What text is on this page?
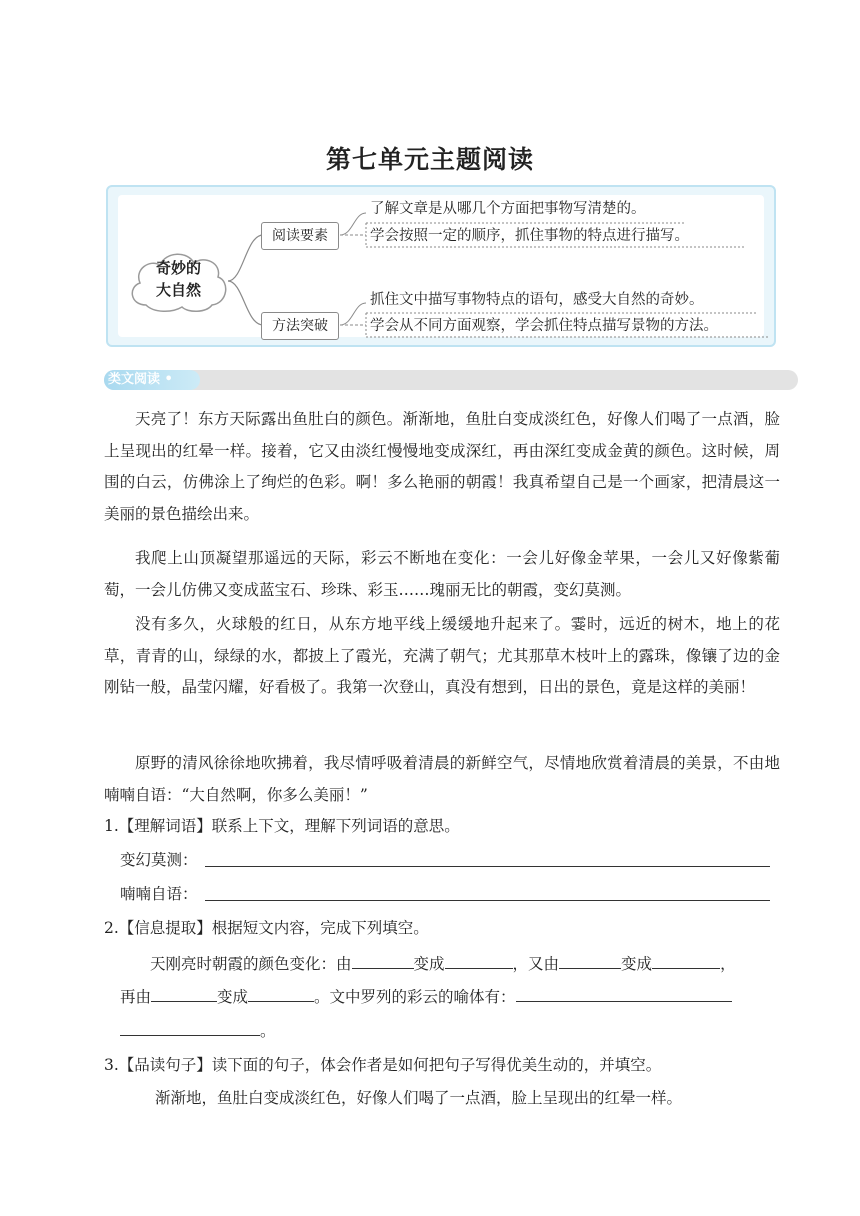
第七单元主题阅读
奇妙的
大自然
阅读要素
方法突破
了解文章是从哪几个方面把事物写清楚的。
学会按照一定的顺序，抓住事物的特点进行描写。
抓住文中描写事物特点的语句，感受大自然的奇妙。
学会从不同方面观察，学会抓住特点描写景物的方法。
类文阅读 •

天亮了！东方天际露出鱼肚白的颜色。渐渐地，鱼肚白变成淡红色，好像人们喝了一点酒，脸上呈现出的红晕一样。接着，它又由淡红慢慢地变成深红，再由深红变成金黄的颜色。这时候，周围的白云，仿佛涂上了绚烂的色彩。啊！多么艳丽的朝霞！我真希望自己是一个画家，把清晨这一美丽的景色描绘出来。

我爬上山顶凝望那遥远的天际，彩云不断地在变化：一会儿好像金苹果，一会儿又好像紫葡萄，一会儿仿佛又变成蓝宝石、珍珠、彩玉……瑰丽无比的朝霞，变幻莫测。

没有多久，火球般的红日，从东方地平线上缓缓地升起来了。霎时，远近的树木，地上的花草，青青的山，绿绿的水，都披上了霞光，充满了朝气；尤其那草木枝叶上的露珠，像镶了边的金刚钻一般，晶莹闪耀，好看极了。我第一次登山，真没有想到，日出的景色，竟是这样的美丽！

原野的清风徐徐地吹拂着，我尽情呼吸着清晨的新鲜空气，尽情地欣赏着清晨的美景，不由地喃喃自语：“大自然啊，你多么美丽！”

1.【理解词语】联系上下文，理解下列词语的意思。

变幻莫测：

喃喃自语：

2.【信息提取】根据短文内容，完成下列填空。

天刚亮时朝霞的颜色变化：由	变成	，又由	变成	，

再由	变成	。文中罗列的彩云的喻体有：

。

3.【品读句子】读下面的句子，体会作者是如何把句子写得优美生动的，并填空。

渐渐地，鱼肚白变成淡红色，好像人们喝了一点酒，脸上呈现出的红晕一样。
